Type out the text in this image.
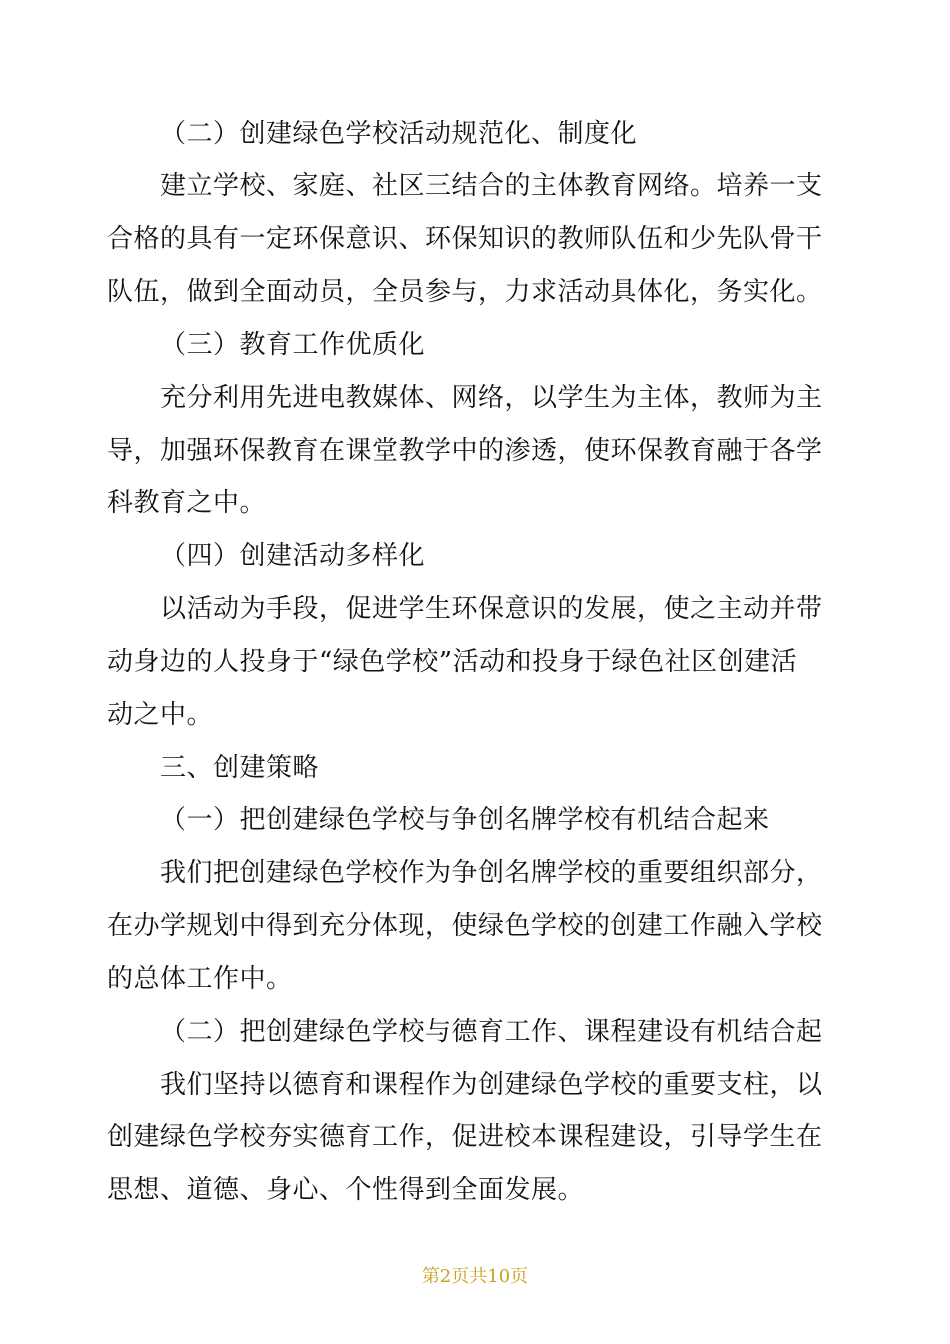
（二）创建绿色学校活动规范化、制度化
建立学校、家庭、社区三结合的主体教育网络。培养一支
合格的具有一定环保意识、环保知识的教师队伍和少先队骨干
队伍，做到全面动员，全员参与，力求活动具体化，务实化。
（三）教育工作优质化
充分利用先进电教媒体、网络，以学生为主体，教师为主
导，加强环保教育在课堂教学中的渗透，使环保教育融于各学
科教育之中。
（四）创建活动多样化
以活动为手段，促进学生环保意识的发展，使之主动并带
动身边的人投身于“绿色学校”活动和投身于绿色社区创建活
动之中。
三、创建策略
（一）把创建绿色学校与争创名牌学校有机结合起来
我们把创建绿色学校作为争创名牌学校的重要组织部分，
在办学规划中得到充分体现，使绿色学校的创建工作融入学校
的总体工作中。
（二）把创建绿色学校与德育工作、课程建设有机结合起
我们坚持以德育和课程作为创建绿色学校的重要支柱，以
创建绿色学校夯实德育工作，促进校本课程建设，引导学生在
思想、道德、身心、个性得到全面发展。
第2页共10页
